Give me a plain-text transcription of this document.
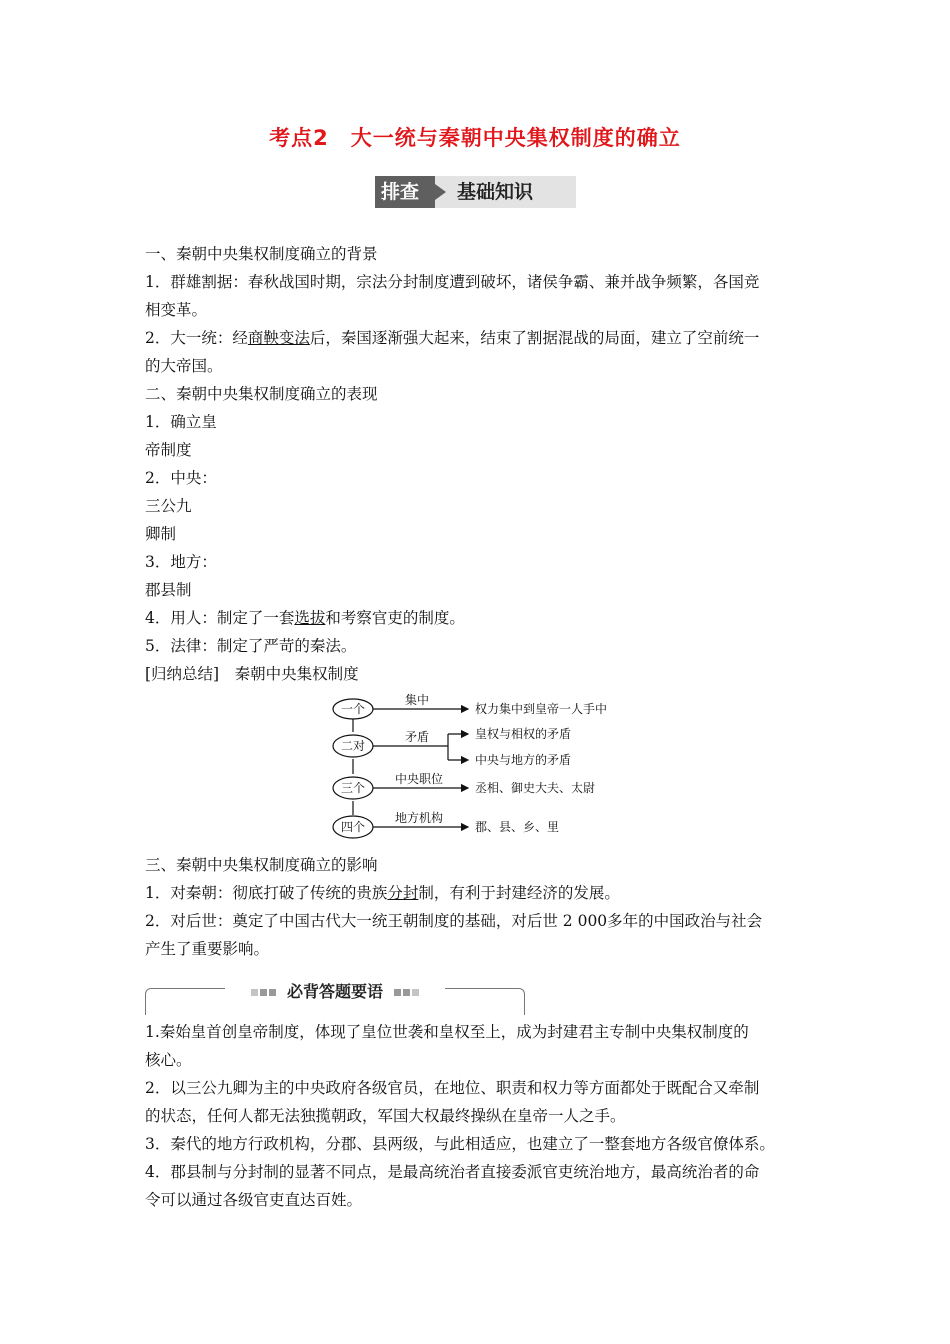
考点2　大一统与秦朝中央集权制度的确立
排查	基础知识
一、秦朝中央集权制度确立的背景
1．群雄割据：春秋战国时期，宗法分封制度遭到破坏，诸侯争霸、兼并战争频繁，各国竞
相变革。
2．大一统：经商鞅变法后，秦国逐渐强大起来，结束了割据混战的局面，建立了空前统一
的大帝国。
二、秦朝中央集权制度确立的表现
1．确立皇
帝制度
2．中央：
三公九
卿制
3．地方：
郡县制
4．用人：制定了一套选拔和考察官吏的制度。
5．法律：制定了严苛的秦法。
[归纳总结]　秦朝中央集权制度
一个
二对
三个
四个
集中
矛盾
中央职位
地方机构
权力集中到皇帝一人手中
皇权与相权的矛盾
中央与地方的矛盾
丞相、御史大夫、太尉
郡、县、乡、里
三、秦朝中央集权制度确立的影响
1．对秦朝：彻底打破了传统的贵族分封制，有利于封建经济的发展。
2．对后世：奠定了中国古代大一统王朝制度的基础，对后世 2 000多年的中国政治与社会
产生了重要影响。
必背答题要语
1.秦始皇首创皇帝制度，体现了皇位世袭和皇权至上，成为封建君主专制中央集权制度的
核心。
2．以三公九卿为主的中央政府各级官员，在地位、职责和权力等方面都处于既配合又牵制
的状态，任何人都无法独揽朝政，军国大权最终操纵在皇帝一人之手。
3．秦代的地方行政机构，分郡、县两级，与此相适应，也建立了一整套地方各级官僚体系。
4．郡县制与分封制的显著不同点，是最高统治者直接委派官吏统治地方，最高统治者的命
令可以通过各级官吏直达百姓。
